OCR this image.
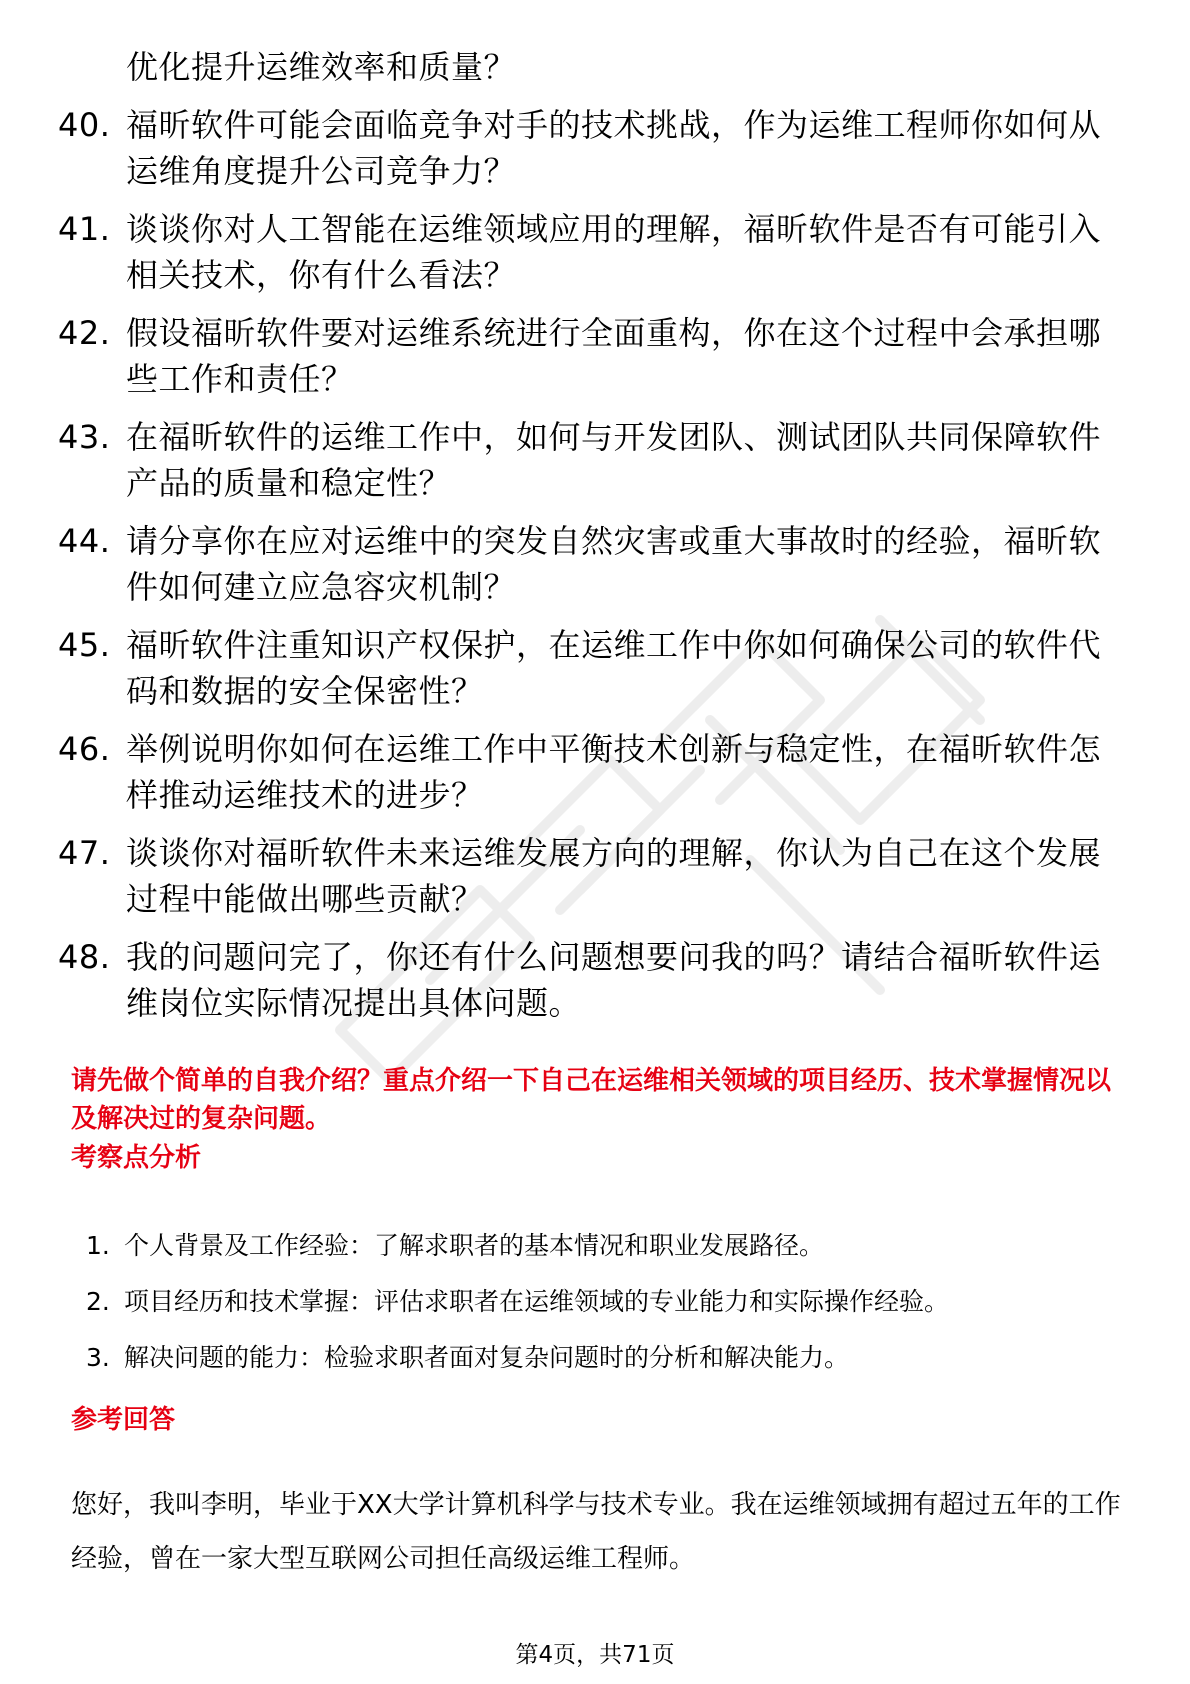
优化提升运维效率和质量？
40. 福昕软件可能会面临竞争对手的技术挑战，作为运维工程师你如何从运维角度提升公司竞争力？
41. 谈谈你对人工智能在运维领域应用的理解，福昕软件是否有可能引入相关技术，你有什么看法？
42. 假设福昕软件要对运维系统进行全面重构，你在这个过程中会承担哪些工作和责任？
43. 在福昕软件的运维工作中，如何与开发团队、测试团队共同保障软件产品的质量和稳定性？
44. 请分享你在应对运维中的突发自然灾害或重大事故时的经验，福昕软件如何建立应急容灾机制？
45. 福昕软件注重知识产权保护，在运维工作中你如何确保公司的软件代码和数据的安全保密性？
46. 举例说明你如何在运维工作中平衡技术创新与稳定性，在福昕软件怎样推动运维技术的进步？
47. 谈谈你对福昕软件未来运维发展方向的理解，你认为自己在这个发展过程中能做出哪些贡献？
48. 我的问题问完了，你还有什么问题想要问我的吗？请结合福昕软件运维岗位实际情况提出具体问题。
请先做个简单的自我介绍？重点介绍一下自己在运维相关领域的项目经历、技术掌握情况以及解决过的复杂问题。
考察点分析
1. 个人背景及工作经验：了解求职者的基本情况和职业发展路径。
2. 项目经历和技术掌握：评估求职者在运维领域的专业能力和实际操作经验。
3. 解决问题的能力：检验求职者面对复杂问题时的分析和解决能力。
参考回答
您好，我叫李明，毕业于XX大学计算机科学与技术专业。我在运维领域拥有超过五年的工作经验，曾在一家大型互联网公司担任高级运维工程师。
第4页，共71页
